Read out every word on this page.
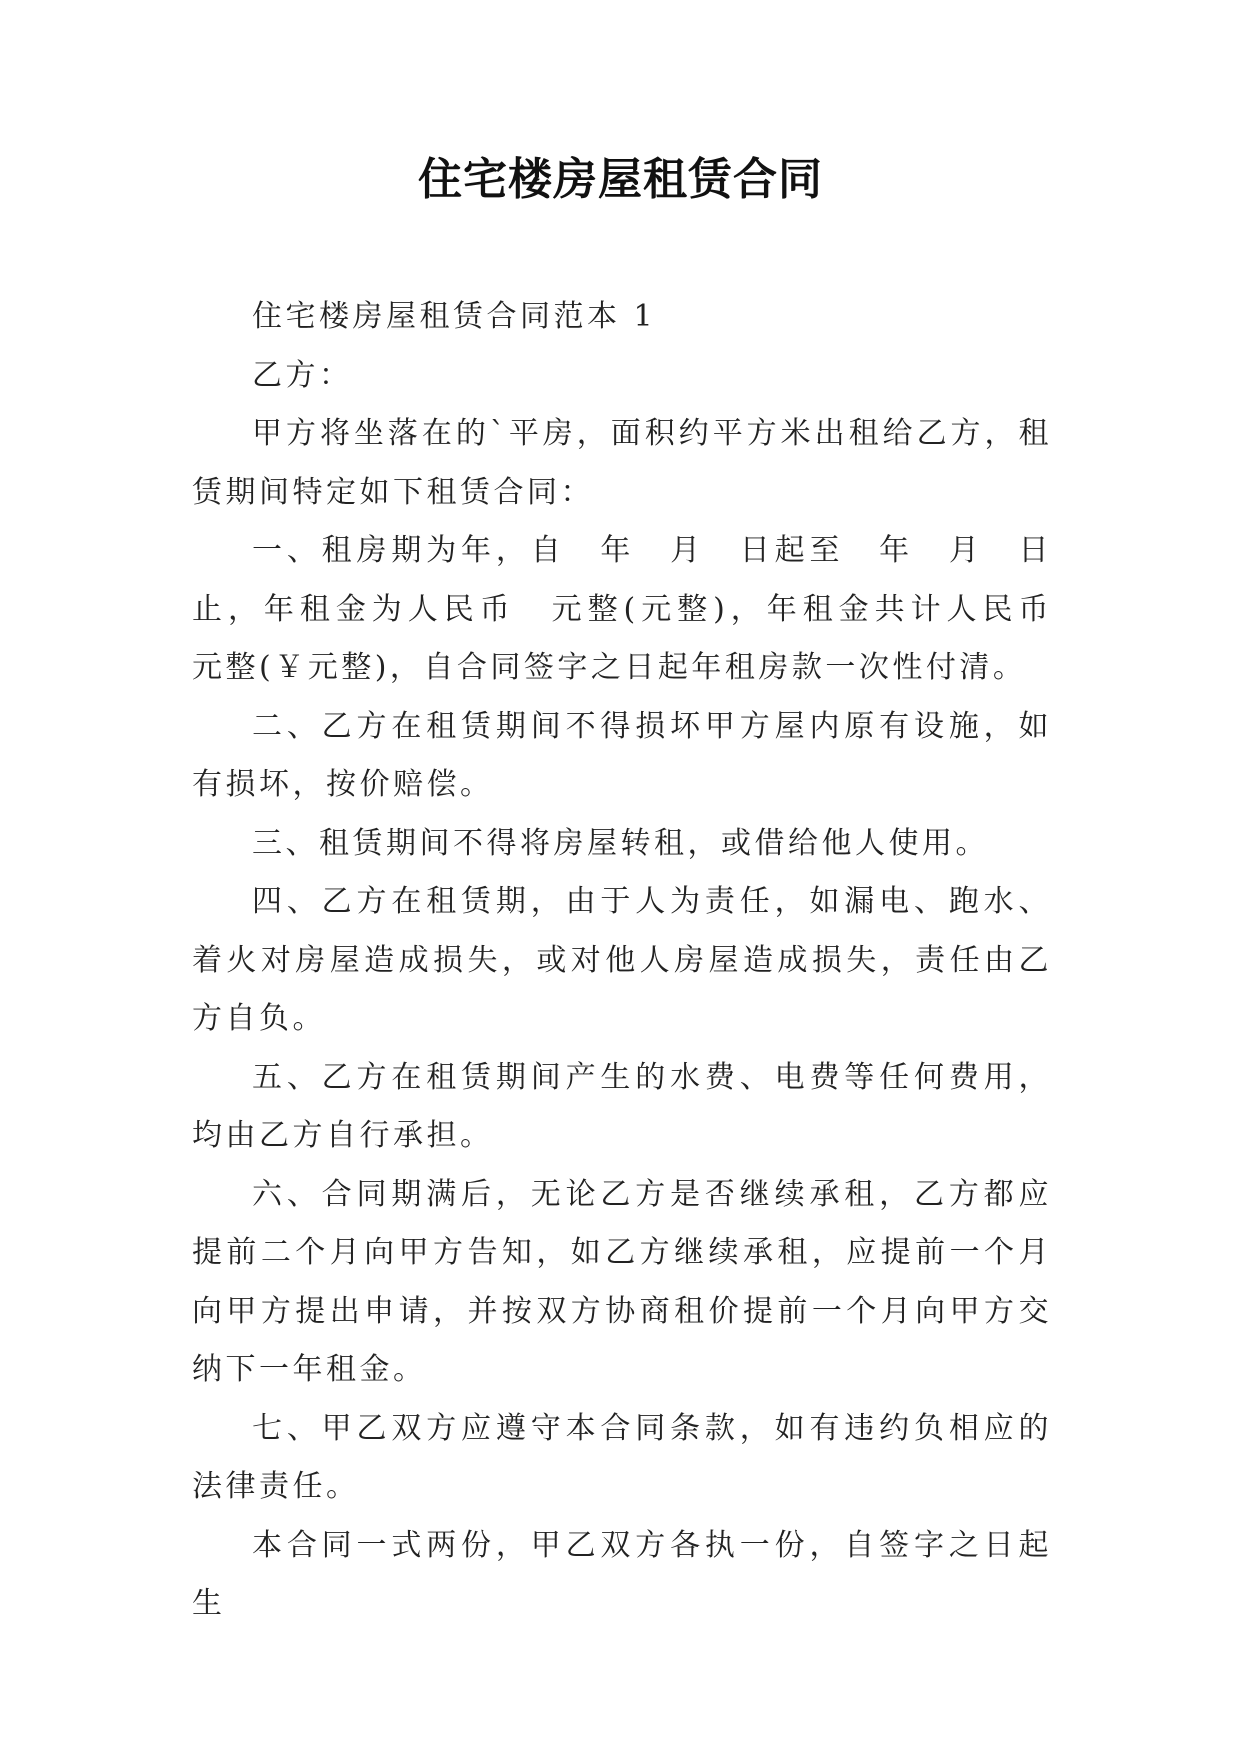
住宅楼房屋租赁合同

住宅楼房屋租赁合同范本 1

乙方：

甲方将坐落在的`平房，面积约平方米出租给乙方，租赁期间特定如下租赁合同：

一、租房期为年，自　年　月　日起至　年　月　日止，年租金为人民币　元整(元整)，年租金共计人民币　元整(￥元整)，自合同签字之日起年租房款一次性付清。

二、乙方在租赁期间不得损坏甲方屋内原有设施，如有损坏，按价赔偿。

三、租赁期间不得将房屋转租，或借给他人使用。

四、乙方在租赁期，由于人为责任，如漏电、跑水、着火对房屋造成损失，或对他人房屋造成损失，责任由乙方自负。

五、乙方在租赁期间产生的水费、电费等任何费用，均由乙方自行承担。

六、合同期满后，无论乙方是否继续承租，乙方都应提前二个月向甲方告知，如乙方继续承租，应提前一个月向甲方提出申请，并按双方协商租价提前一个月向甲方交纳下一年租金。

七、甲乙双方应遵守本合同条款，如有违约负相应的法律责任。

本合同一式两份，甲乙双方各执一份，自签字之日起生
